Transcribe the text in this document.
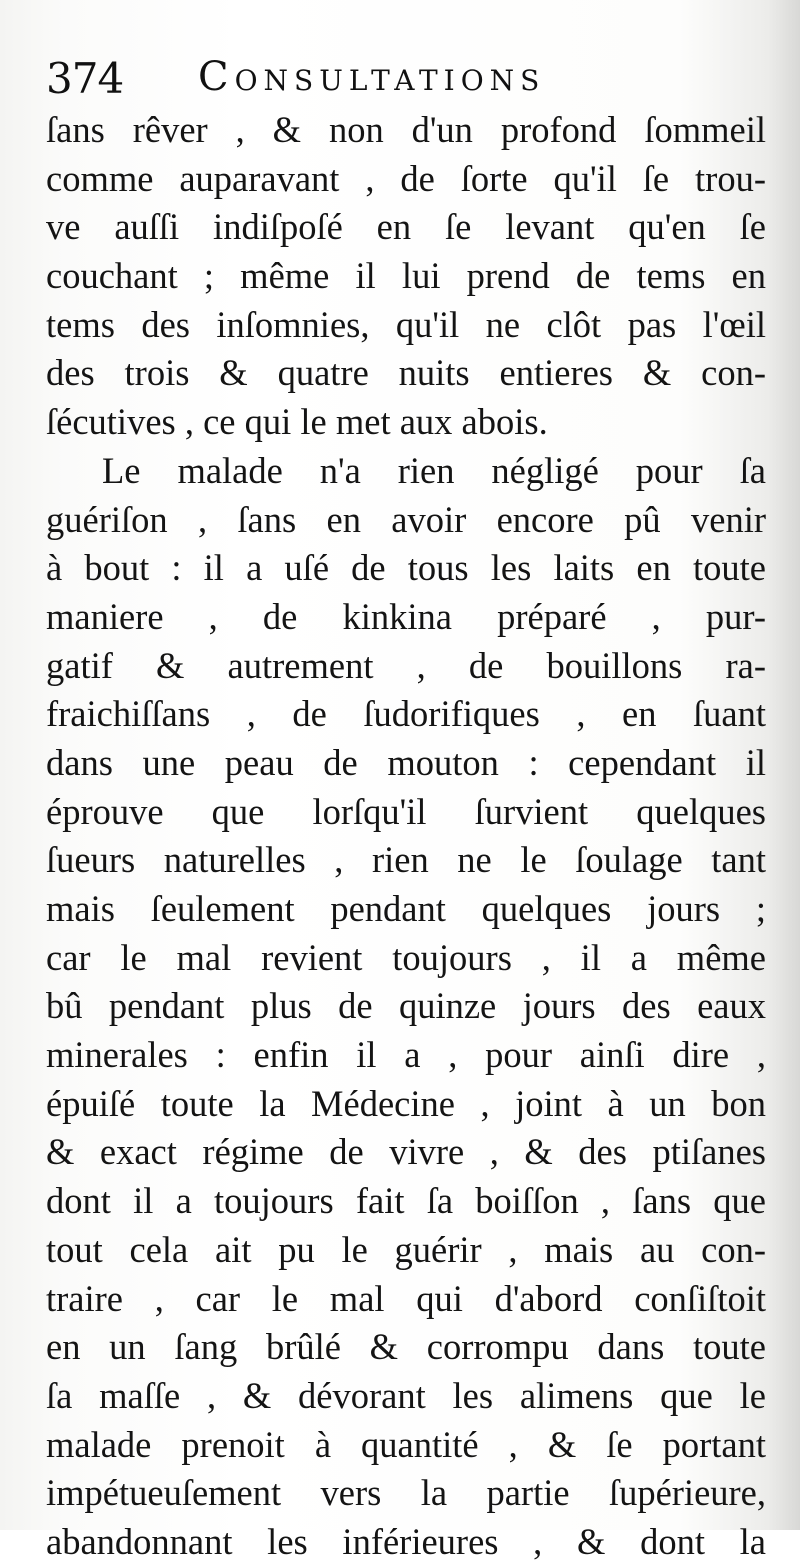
374 Consultations
ſans rêver , & non d'un profond ſommeil
comme auparavant , de ſorte qu'il ſe trou-
ve auſſi indiſpoſé en ſe levant qu'en ſe
couchant ; même il lui prend de tems en
tems des inſomnies, qu'il ne clôt pas l'œil
des trois & quatre nuits entieres & con-
ſécutives , ce qui le met aux abois.
Le malade n'a rien négligé pour ſa
guériſon , ſans en avoir encore pû venir
à bout : il a uſé de tous les laits en toute
maniere , de kinkina préparé , pur-
gatif & autrement , de bouillons ra-
fraichiſſans , de ſudorifiques , en ſuant
dans une peau de mouton : cependant il
éprouve que lorſqu'il ſurvient quelques
ſueurs naturelles , rien ne le ſoulage tant
mais ſeulement pendant quelques jours ;
car le mal revient toujours , il a même
bû pendant plus de quinze jours des eaux
minerales : enfin il a , pour ainſi dire ,
épuiſé toute la Médecine , joint à un bon
& exact régime de vivre , & des ptiſanes
dont il a toujours fait ſa boiſſon , ſans que
tout cela ait pu le guérir , mais au con-
traire , car le mal qui d'abord conſiſtoit
en un ſang brûlé & corrompu dans toute
ſa maſſe , & dévorant les alimens que le
malade prenoit à quantité , & ſe portant
impétueuſement vers la partie ſupérieure,
abandonnant les inférieures , & dont la
